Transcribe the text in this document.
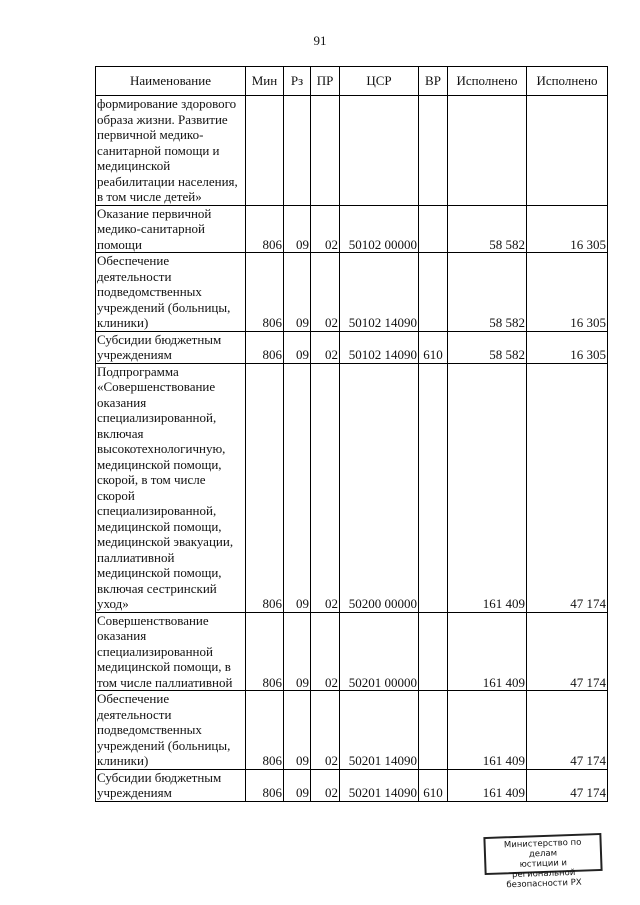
91
Наименование	Мин	Рз	ПР	ЦСР	ВР	Исполнено	Исполнено
формирование здорового образа жизни. Развитие первичной медико-санитарной помощи и медицинской реабилитации населения, в том числе детей»							
Оказание первичной медико-санитарной помощи	806	09	02	50102 00000		58 582	16 305
Обеспечение деятельности подведомственных учреждений (больницы, клиники)	806	09	02	50102 14090		58 582	16 305
Субсидии бюджетным учреждениям	806	09	02	50102 14090	610	58 582	16 305
Подпрограмма «Совершенствование оказания специализированной, включая высокотехнологичную, медицинской помощи, скорой, в том числе скорой специализированной, медицинской помощи, медицинской эвакуации, паллиативной медицинской помощи, включая сестринский уход»	806	09	02	50200 00000		161 409	47 174
Совершенствование оказания специализированной медицинской помощи, в том числе паллиативной	806	09	02	50201 00000		161 409	47 174
Обеспечение деятельности подведомственных учреждений (больницы, клиники)	806	09	02	50201 14090		161 409	47 174
Субсидии бюджетным учреждениям	806	09	02	50201 14090	610	161 409	47 174
Министерство по делам
юстиции и региональной
безопасности РХ
